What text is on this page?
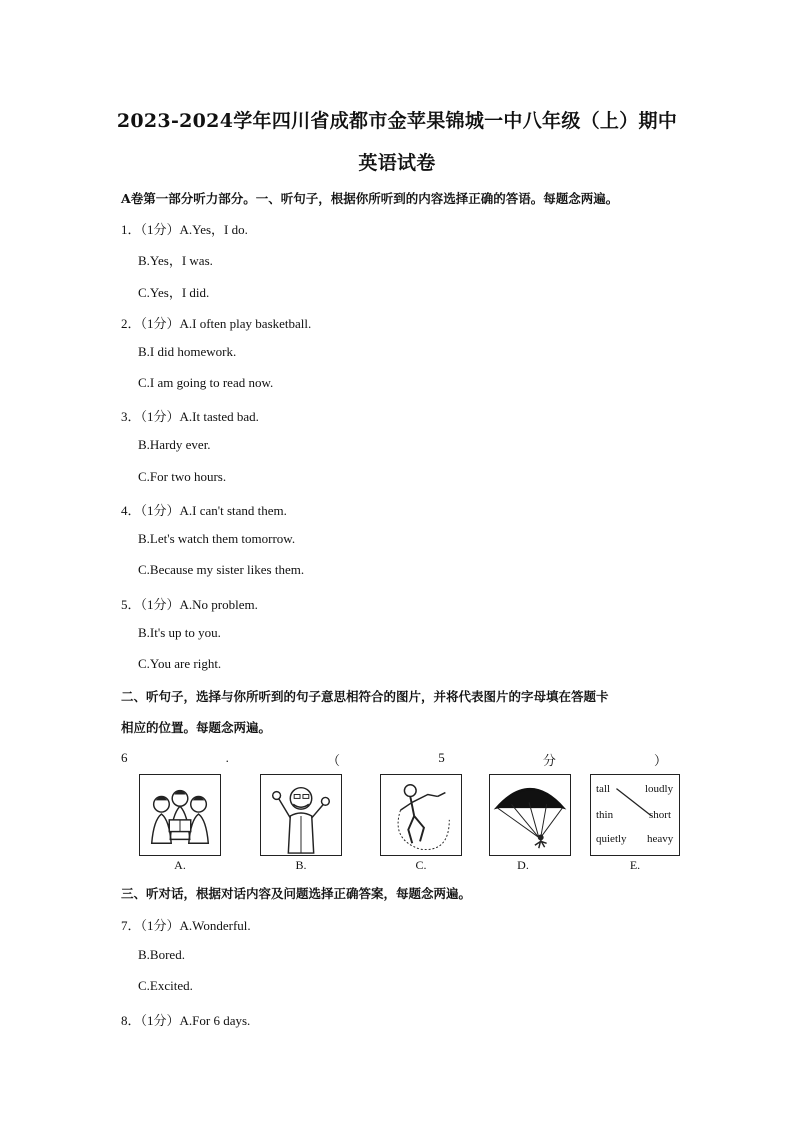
2023-2024学年四川省成都市金苹果锦城一中八年级（上）期中
英语试卷
A卷第一部分听力部分。一、听句子，根据你所听到的内容选择正确的答语。每题念两遍。
1．（1分）A.Yes，I do.
B.Yes，I was.
C.Yes，I did.
2．（1分）A.I often play basketball.
B.I did homework.
C.I am going to read now.
3．（1分）A.It tasted bad.
B.Hardy ever.
C.For two hours.
4．（1分）A.I can't stand them.
B.Let's watch them tomorrow.
C.Because my sister likes them.
5．（1分）A.No problem.
B.It's up to you.
C.You are right.
二、听句子，选择与你所听到的句子意思相符合的图片，并将代表图片的字母填在答题卡
相应的位置。每题念两遍。
6	.	（	5	分	）
A.	B.	C.	D.
tall
thin
quietly
loudly
short
heavy
E.
三、听对话，根据对话内容及问题选择正确答案，每题念两遍。
7．（1分）A.Wonderful.
B.Bored.
C.Excited.
8．（1分）A.For 6 days.
